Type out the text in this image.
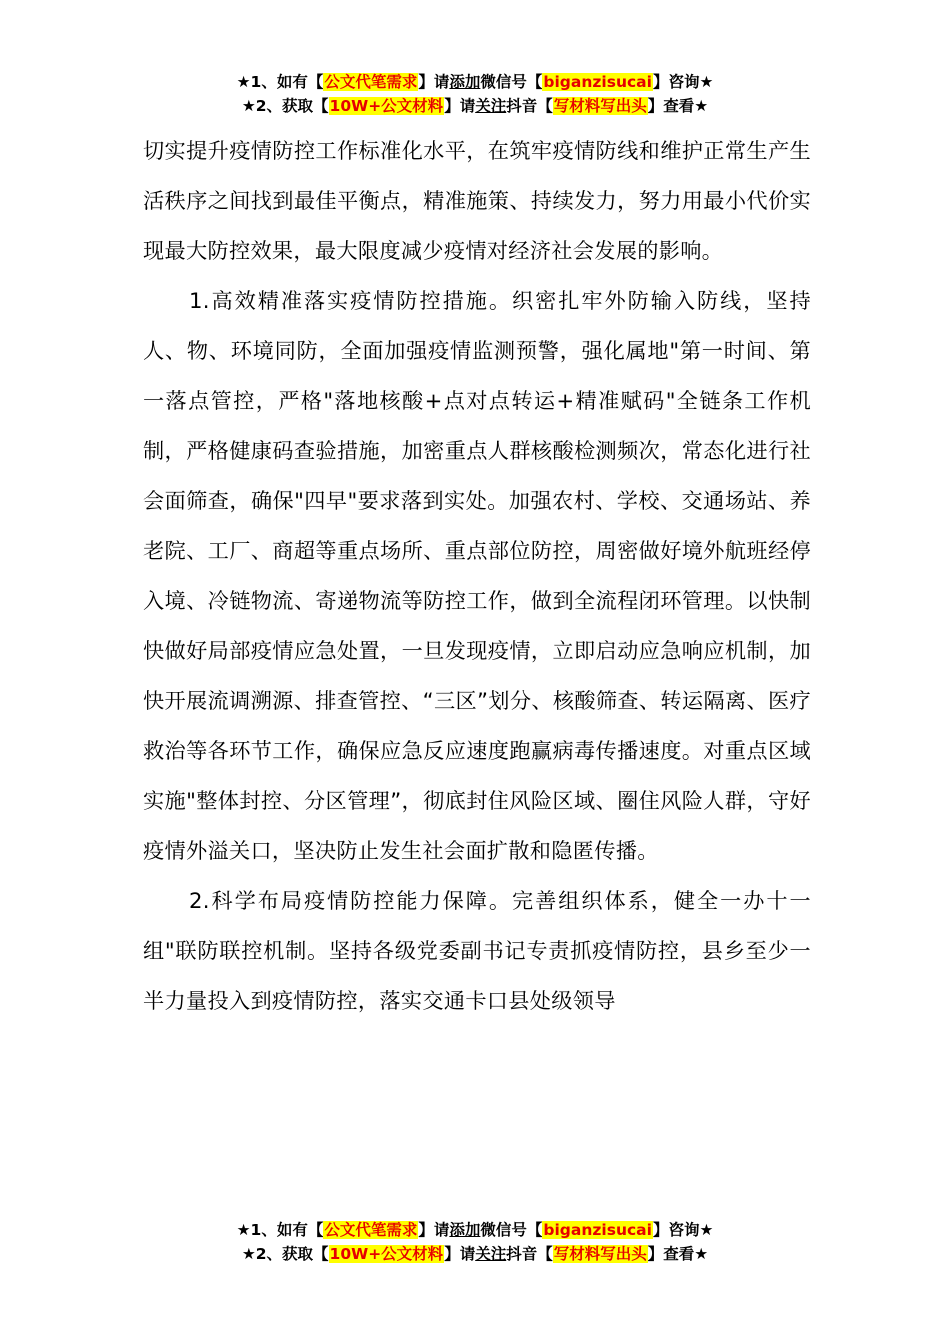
★1、如有【公文代笔需求】请添加微信号【biganzisucai】咨询★
★2、获取【10W+公文材料】请关注抖音【写材料写出头】查看★

切实提升疫情防控工作标准化水平，在筑牢疫情防线和维护正常生产生活秩序之间找到最佳平衡点，精准施策、持续发力，努力用最小代价实现最大防控效果，最大限度减少疫情对经济社会发展的影响。

1.高效精准落实疫情防控措施。织密扎牢外防输入防线，坚持人、物、环境同防，全面加强疫情监测预警，强化属地"第一时间、第一落点管控，严格"落地核酸+点对点转运+精准赋码"全链条工作机制，严格健康码查验措施，加密重点人群核酸检测频次，常态化进行社会面筛查，确保"四早"要求落到实处。加强农村、学校、交通场站、养老院、工厂、商超等重点场所、重点部位防控，周密做好境外航班经停入境、冷链物流、寄递物流等防控工作，做到全流程闭环管理。以快制快做好局部疫情应急处置，一旦发现疫情，立即启动应急响应机制，加快开展流调溯源、排查管控、“三区”划分、核酸筛查、转运隔离、医疗救治等各环节工作，确保应急反应速度跑赢病毒传播速度。对重点区域实施"整体封控、分区管理”，彻底封住风险区域、圈住风险人群，守好疫情外溢关口，坚决防止发生社会面扩散和隐匿传播。

2.科学布局疫情防控能力保障。完善组织体系，健全一办十一组"联防联控机制。坚持各级党委副书记专责抓疫情防控，县乡至少一半力量投入到疫情防控，落实交通卡口县处级领导

★1、如有【公文代笔需求】请添加微信号【biganzisucai】咨询★
★2、获取【10W+公文材料】请关注抖音【写材料写出头】查看★
